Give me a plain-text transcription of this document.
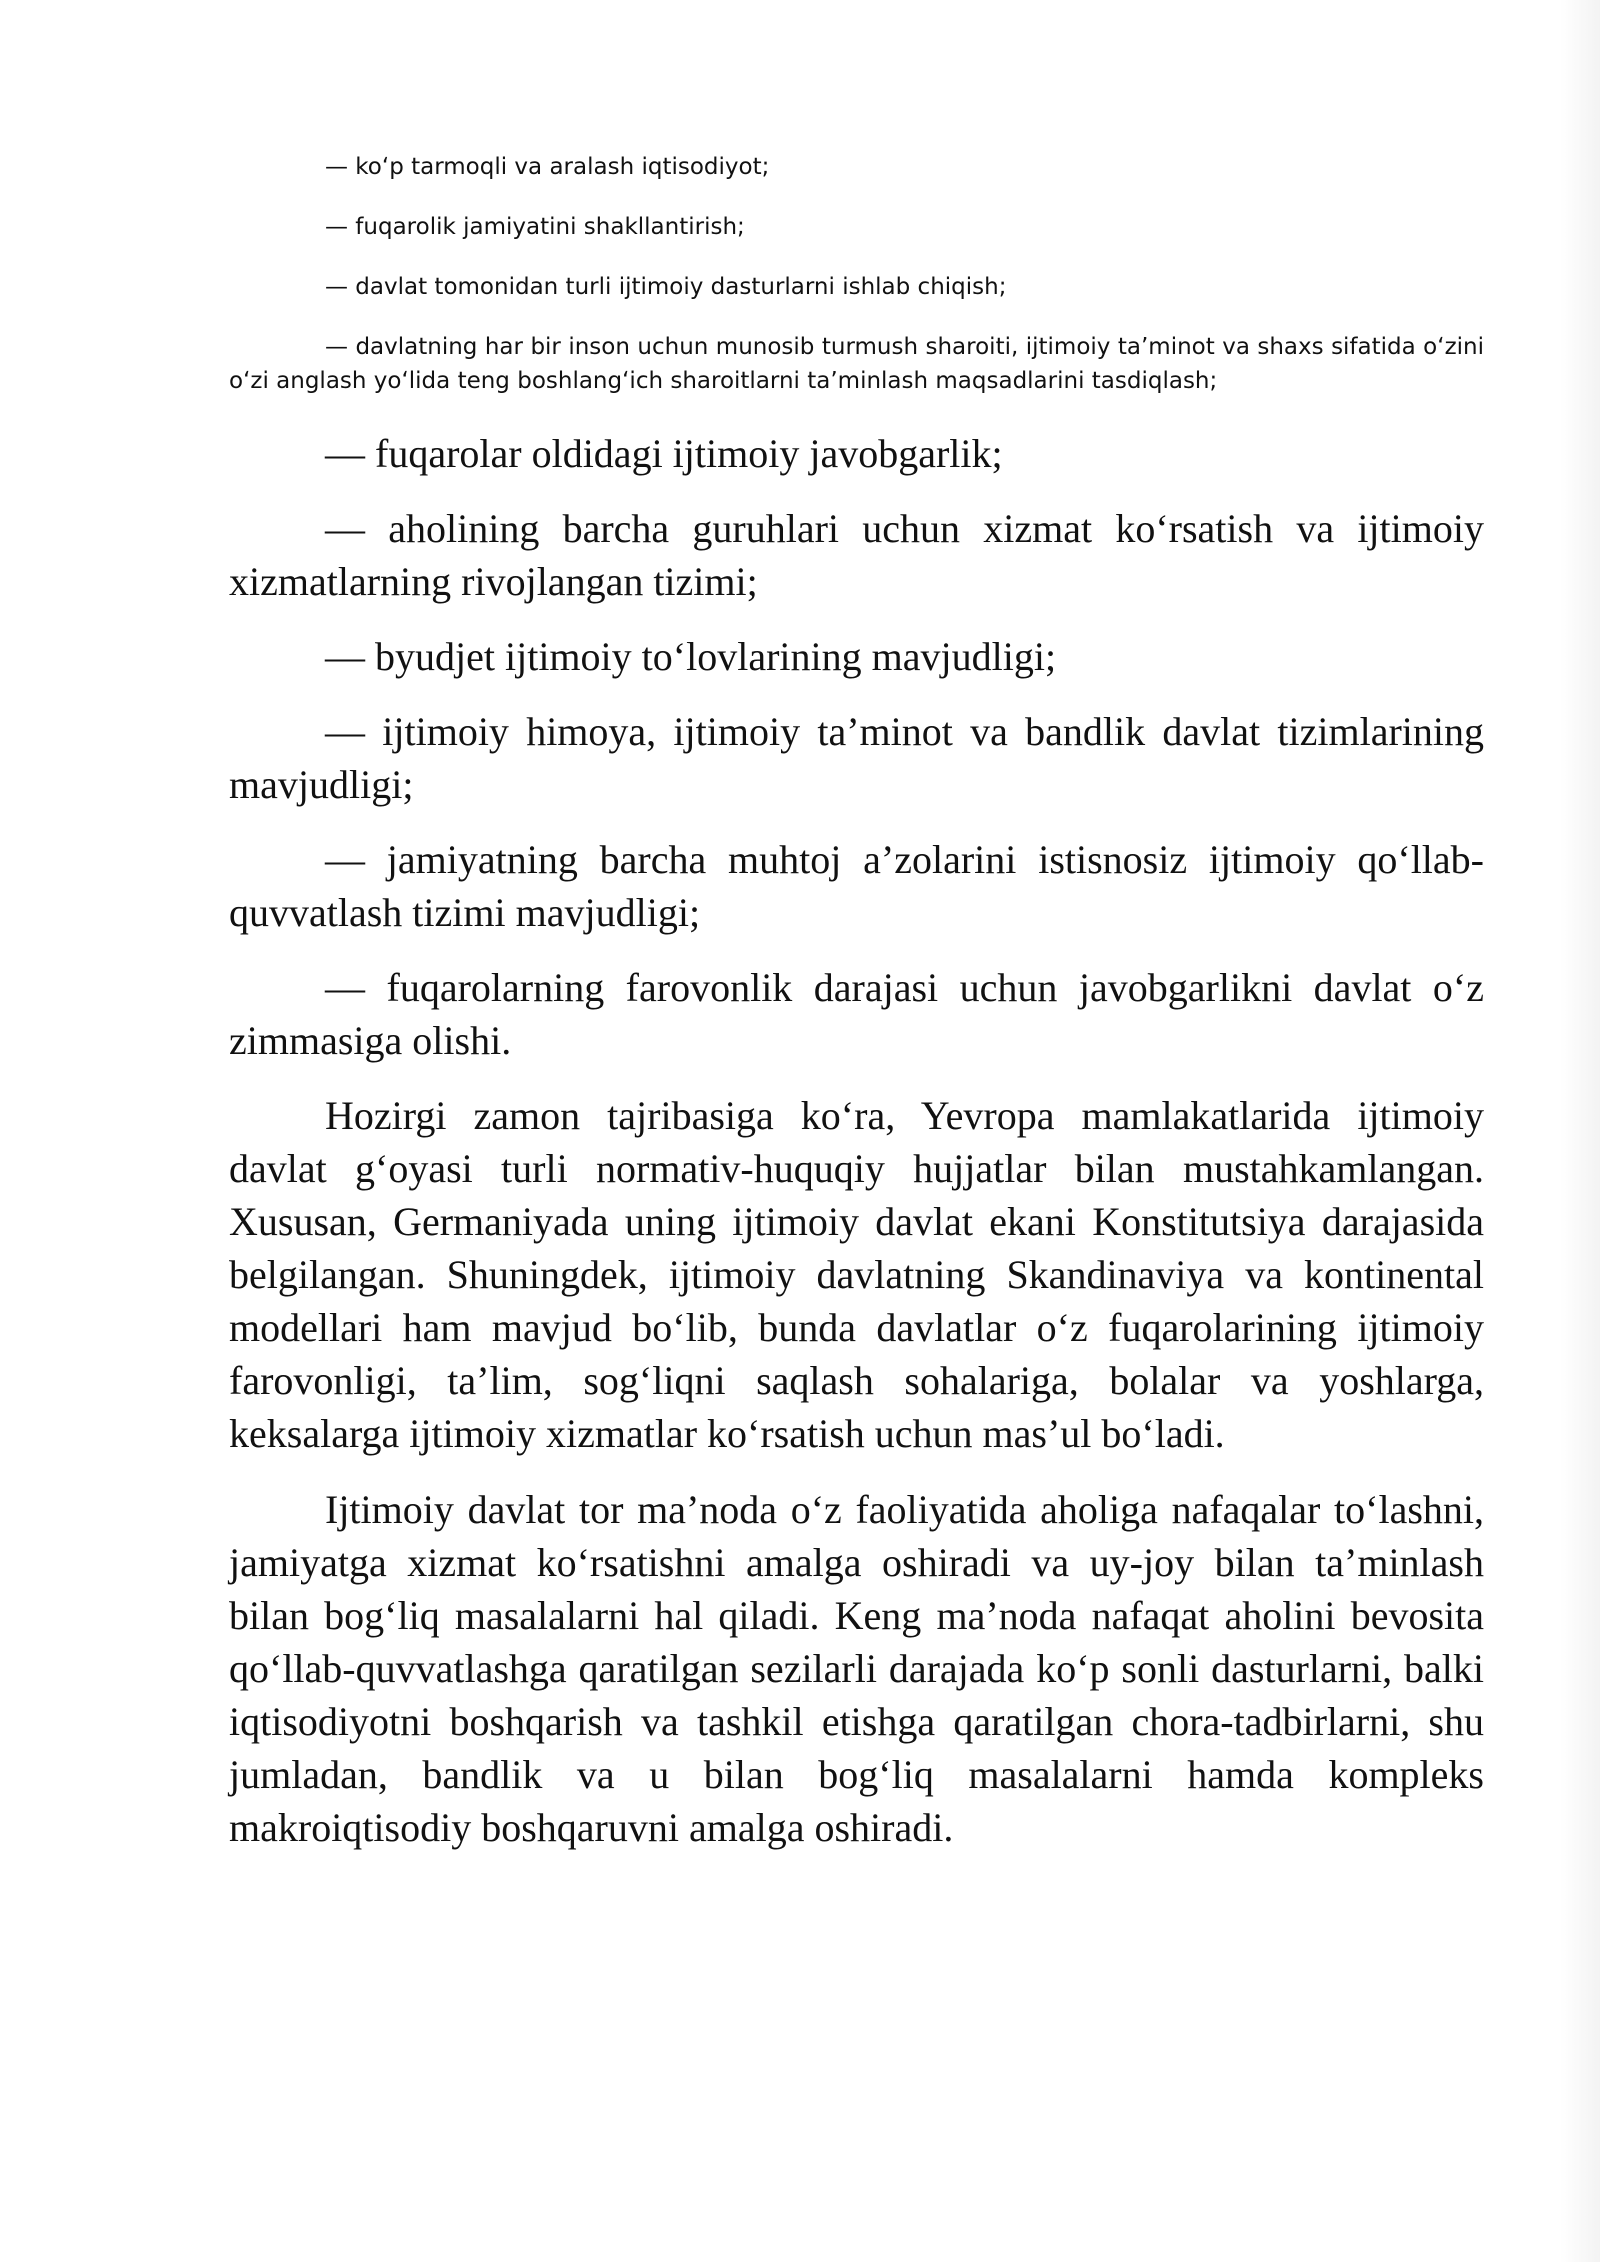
— koʻp tarmoqli va aralash iqtisodiyot;

— fuqarolik jamiyatini shakllantirish;

— davlat tomonidan turli ijtimoiy dasturlarni ishlab chiqish;

— davlatning har bir inson uchun munosib turmush sharoiti, ijtimoiy ta’minot va shaxs sifatida oʻzini oʻzi anglash yoʻlida teng boshlangʻich sharoitlarni ta’minlash maqsadlarini tasdiqlash;

— fuqarolar oldidagi ijtimoiy javobgarlik;

— aholining barcha guruhlari uchun xizmat koʻrsatish va ijtimoiy xizmatlarning rivojlangan tizimi;

— byudjet ijtimoiy toʻlovlarining mavjudligi;

— ijtimoiy himoya, ijtimoiy ta’minot va bandlik davlat tizimlarining mavjudligi;

— jamiyatning barcha muhtoj a’zolarini istisnosiz ijtimoiy qoʻllab-quvvatlash tizimi mavjudligi;

— fuqarolarning farovonlik darajasi uchun javobgarlikni davlat oʻz zimmasiga olishi.

Hozirgi zamon tajribasiga koʻra, Yevropa mamlakatlarida ijtimoiy davlat gʻoyasi turli normativ-huquqiy hujjatlar bilan mustahkamlangan. Xususan, Germaniyada uning ijtimoiy davlat ekani Konstitutsiya darajasida belgilangan. Shuningdek, ijtimoiy davlatning Skandinaviya va kontinental modellari ham mavjud boʻlib, bunda davlatlar oʻz fuqarolarining ijtimoiy farovonligi, ta’lim, sogʻliqni saqlash sohalariga, bolalar va yoshlarga, keksalarga ijtimoiy xizmatlar koʻrsatish uchun mas’ul boʻladi.

Ijtimoiy davlat tor ma’noda oʻz faoliyatida aholiga nafaqalar toʻlashni, jamiyatga xizmat koʻrsatishni amalga oshiradi va uy-joy bilan ta’minlash bilan bogʻliq masalalarni hal qiladi. Keng ma’noda nafaqat aholini bevosita qoʻllab-quvvatlashga qaratilgan sezilarli darajada koʻp sonli dasturlarni, balki iqtisodiyotni boshqarish va tashkil etishga qaratilgan chora-tadbirlarni, shu jumladan, bandlik va u bilan bogʻliq masalalarni hamda kompleks makroiqtisodiy boshqaruvni amalga oshiradi.
